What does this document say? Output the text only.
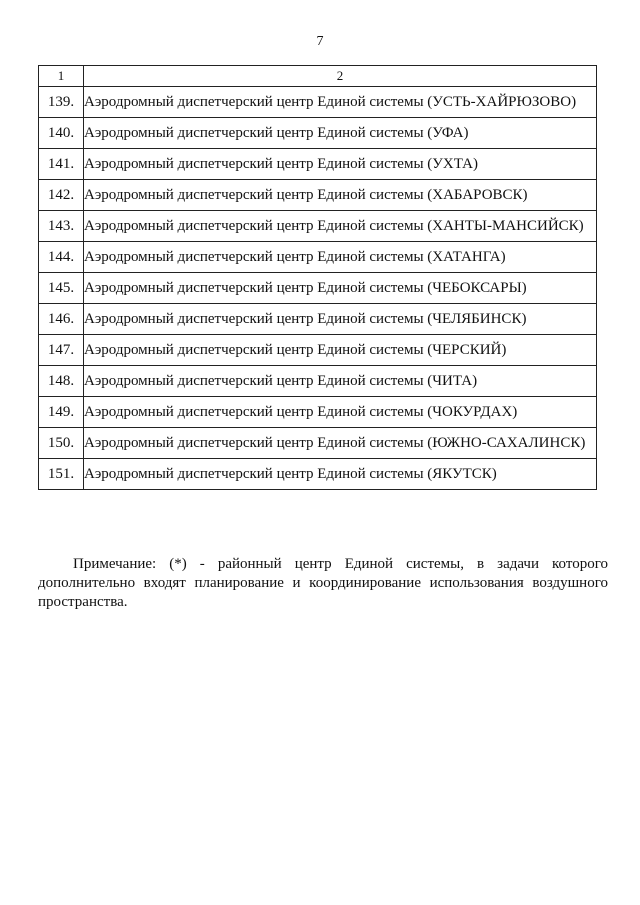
7
1	2
139.	Аэродромный диспетчерский центр Единой системы (УСТЬ-ХАЙРЮЗОВО)
140.	Аэродромный диспетчерский центр Единой системы (УФА)
141.	Аэродромный диспетчерский центр Единой системы (УХТА)
142.	Аэродромный диспетчерский центр Единой системы (ХАБАРОВСК)
143.	Аэродромный диспетчерский центр Единой системы (ХАНТЫ-МАНСИЙСК)
144.	Аэродромный диспетчерский центр Единой системы (ХАТАНГА)
145.	Аэродромный диспетчерский центр Единой системы (ЧЕБОКСАРЫ)
146.	Аэродромный диспетчерский центр Единой системы (ЧЕЛЯБИНСК)
147.	Аэродромный диспетчерский центр Единой системы (ЧЕРСКИЙ)
148.	Аэродромный диспетчерский центр Единой системы (ЧИТА)
149.	Аэродромный диспетчерский центр Единой системы (ЧОКУРДАХ)
150.	Аэродромный диспетчерский центр Единой системы (ЮЖНО-САХАЛИНСК)
151.	Аэродромный диспетчерский центр Единой системы (ЯКУТСК)

Примечание: (*) - районный центр Единой системы, в задачи которого дополнительно входят планирование и координирование использования воздушного пространства.
